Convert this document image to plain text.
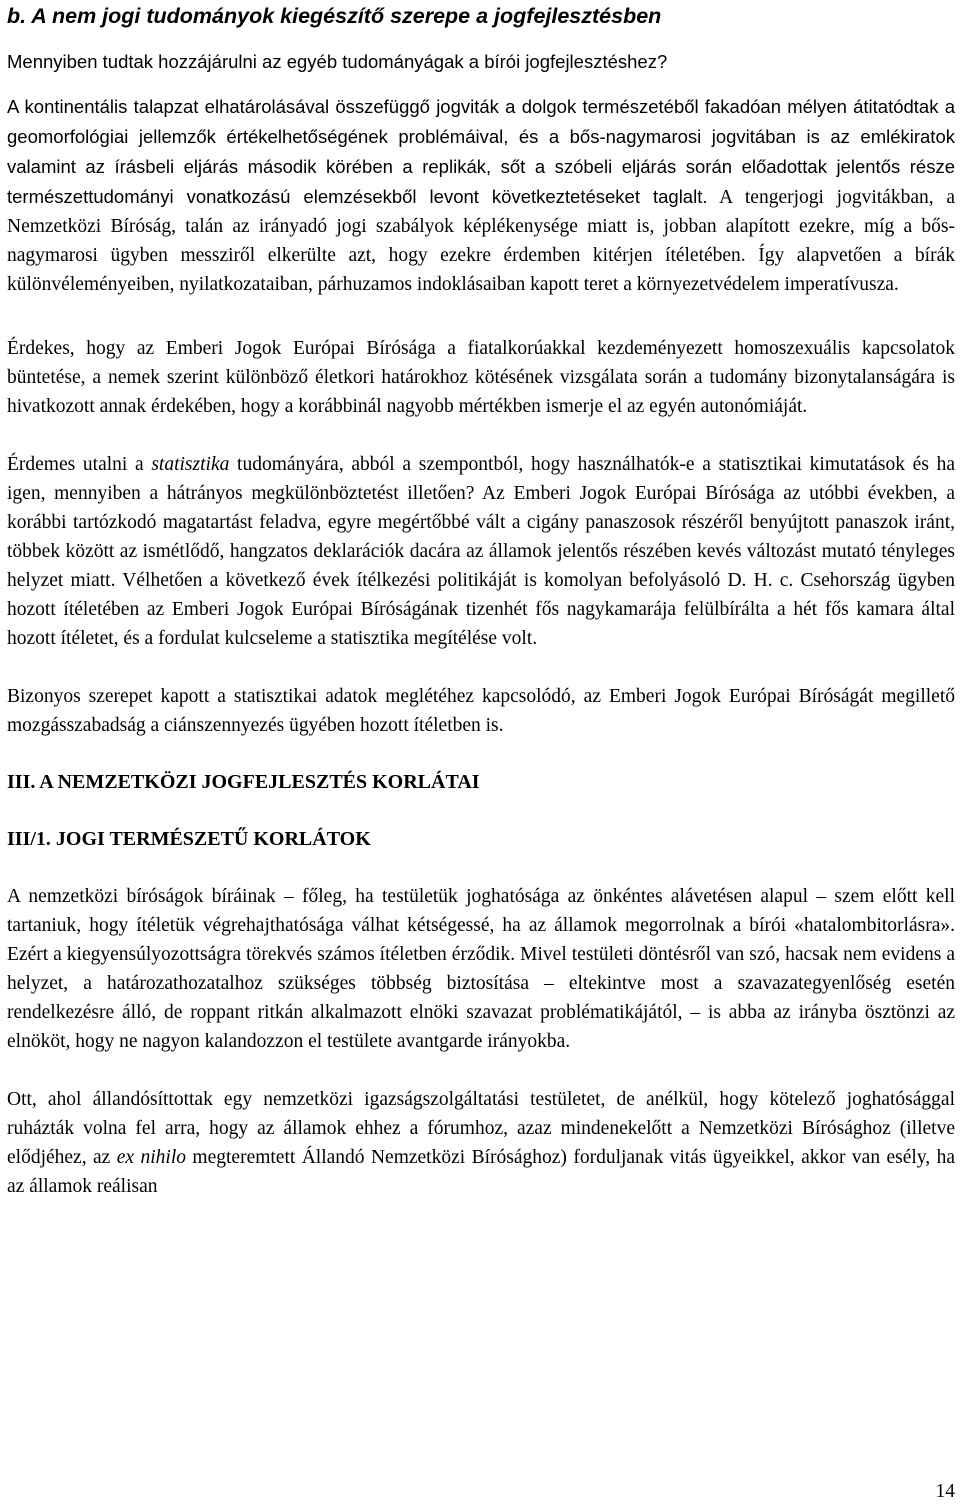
b. A nem jogi tudományok kiegészítő szerepe a jogfejlesztésben

Mennyiben tudtak hozzájárulni az egyéb tudományágak a bírói jogfejlesztéshez?

A kontinentális talapzat elhatárolásával összefüggő jogviták a dolgok természetéből fakadóan mélyen átitatódtak a geomorfológiai jellemzők értékelhetőségének problémáival, és a bős-nagymarosi jogvitában is az emlékiratok valamint az írásbeli eljárás második körében a replikák, sőt a szóbeli eljárás során előadottak jelentős része természettudományi vonatkozású elemzésekből levont következtetéseket taglalt. A tengerjogi jogvitákban, a Nemzetközi Bíróság, talán az irányadó jogi szabályok képlékenysége miatt is, jobban alapított ezekre, míg a bős-nagymarosi ügyben messziről elkerülte azt, hogy ezekre érdemben kitérjen ítéletében. Így alapvetően a bírák különvéleményeiben, nyilatkozataiban, párhuzamos indoklásaiban kapott teret a környezetvédelem imperatívusza.

Érdekes, hogy az Emberi Jogok Európai Bírósága a fiatalkorúakkal kezdeményezett homoszexuális kapcsolatok büntetése, a nemek szerint különböző életkori határokhoz kötésének vizsgálata során a tudomány bizonytalanságára is hivatkozott annak érdekében, hogy a korábbinál nagyobb mértékben ismerje el az egyén autonómiáját.

Érdemes utalni a statisztika tudományára, abból a szempontból, hogy használhatók-e a statisztikai kimutatások és ha igen, mennyiben a hátrányos megkülönböztetést illetően? Az Emberi Jogok Európai Bírósága az utóbbi években, a korábbi tartózkodó magatartást feladva, egyre megértőbbé vált a cigány panaszosok részéről benyújtott panaszok iránt, többek között az ismétlődő, hangzatos deklarációk dacára az államok jelentős részében kevés változást mutató tényleges helyzet miatt. Vélhetően a következő évek ítélkezési politikáját is komolyan befolyásoló D. H. c. Csehország ügyben hozott ítéletében az Emberi Jogok Európai Bíróságának tizenhét fős nagykamarája felülbírálta a hét fős kamara által hozott ítéletet, és a fordulat kulcseleme a statisztika megítélése volt.

Bizonyos szerepet kapott a statisztikai adatok meglétéhez kapcsolódó, az Emberi Jogok Európai Bíróságát megillető mozgásszabadság a ciánszennyezés ügyében hozott ítéletben is.

III. A NEMZETKÖZI JOGFEJLESZTÉS KORLÁTAI
III/1. JOGI TERMÉSZETŰ KORLÁTOK

A nemzetközi bíróságok bíráinak – főleg, ha testületük joghatósága az önkéntes alávetésen alapul – szem előtt kell tartaniuk, hogy ítéletük végrehajthatósága válhat kétségessé, ha az államok megorrolnak a bírói «hatalombitorlásra». Ezért a kiegyensúlyozottságra törekvés számos ítéletben érződik. Mivel testületi döntésről van szó, hacsak nem evidens a helyzet, a határozathozatalhoz szükséges többség biztosítása – eltekintve most a szavazategyenlőség esetén rendelkezésre álló, de roppant ritkán alkalmazott elnöki szavazat problématikájától, – is abba az irányba ösztönzi az elnököt, hogy ne nagyon kalandozzon el testülete avantgarde irányokba.

Ott, ahol állandósíttottak egy nemzetközi igazságszolgáltatási testületet, de anélkül, hogy kötelező joghatósággal ruházták volna fel arra, hogy az államok ehhez a fórumhoz, azaz mindenekelőtt a Nemzetközi Bírósághoz (illetve elődjéhez, az ex nihilo megteremtett Állandó Nemzetközi Bírósághoz) forduljanak vitás ügyeikkel, akkor van esély, ha az államok reálisan

14
